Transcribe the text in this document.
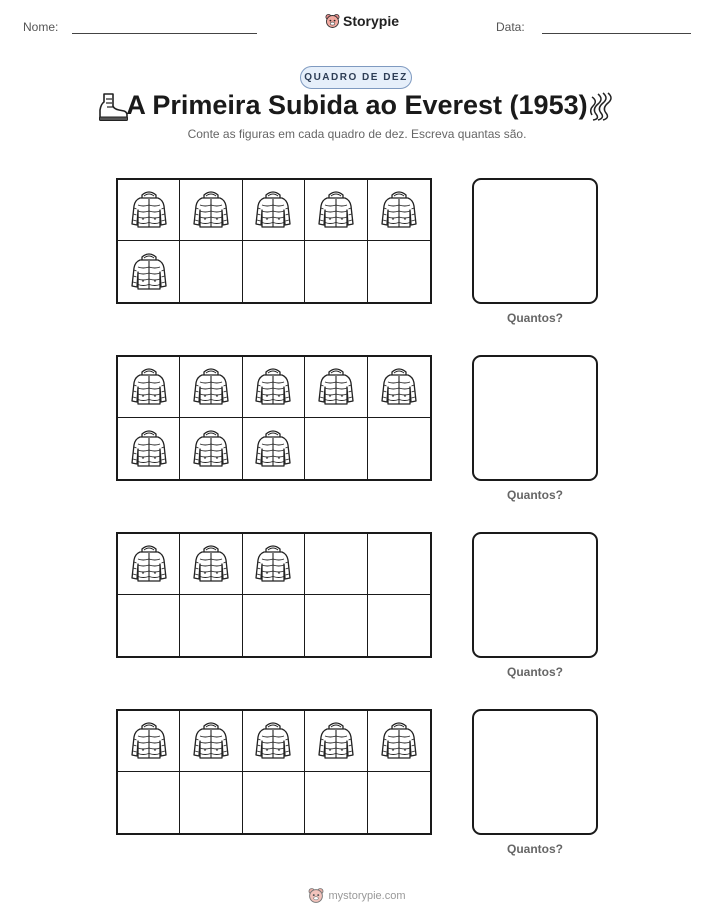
Nome:	Storypie	Data:
QUADRO DE DEZ
A Primeira Subida ao Everest (1953)
Conte as figuras em cada quadro de dez. Escreva quantas são.
Quantos?
Quantos?
Quantos?
Quantos?
mystorypie.com
